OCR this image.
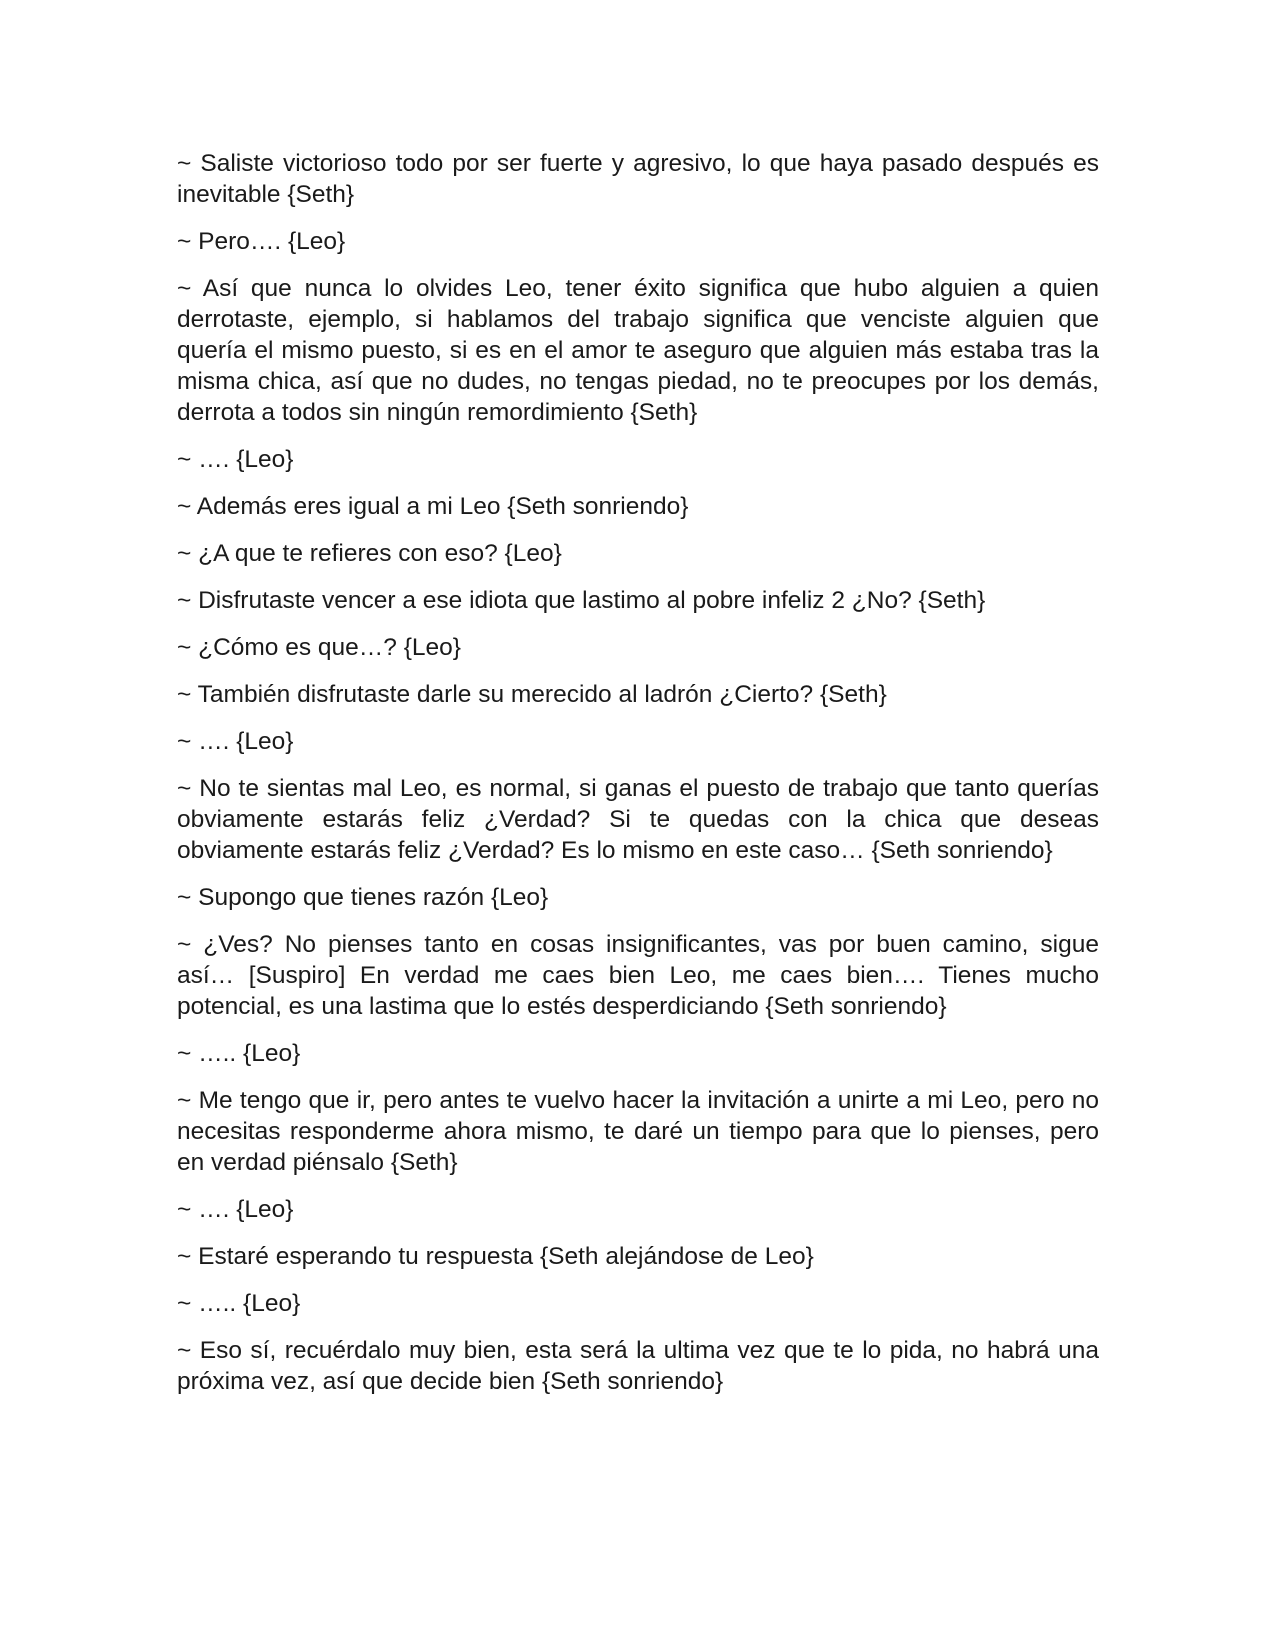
~ Saliste victorioso todo por ser fuerte y agresivo, lo que haya pasado después es inevitable {Seth}

~ Pero…. {Leo}

~ Así que nunca lo olvides Leo, tener éxito significa que hubo alguien a quien derrotaste, ejemplo, si hablamos del trabajo significa que venciste alguien que quería el mismo puesto, si es en el amor te aseguro que alguien más estaba tras la misma chica, así que no dudes, no tengas piedad, no te preocupes por los demás, derrota a todos sin ningún remordimiento {Seth}

~ …. {Leo}

~ Además eres igual a mi Leo {Seth sonriendo}

~ ¿A que te refieres con eso? {Leo}

~ Disfrutaste vencer a ese idiota que lastimo al pobre infeliz 2 ¿No? {Seth}

~ ¿Cómo es que…? {Leo}

~ También disfrutaste darle su merecido al ladrón ¿Cierto? {Seth}

~ …. {Leo}

~ No te sientas mal Leo, es normal, si ganas el puesto de trabajo que tanto querías obviamente estarás feliz ¿Verdad? Si te quedas con la chica que deseas obviamente estarás feliz ¿Verdad? Es lo mismo en este caso… {Seth sonriendo}

~ Supongo que tienes razón {Leo}

~ ¿Ves? No pienses tanto en cosas insignificantes, vas por buen camino, sigue así… [Suspiro] En verdad me caes bien Leo, me caes bien…. Tienes mucho potencial, es una lastima que lo estés desperdiciando {Seth sonriendo}

~ ….. {Leo}

~ Me tengo que ir, pero antes te vuelvo hacer la invitación a unirte a mi Leo, pero no necesitas responderme ahora mismo, te daré un tiempo para que lo pienses, pero en verdad piénsalo {Seth}

~ …. {Leo}

~ Estaré esperando tu respuesta {Seth alejándose de Leo}

~ ….. {Leo}

~ Eso sí, recuérdalo muy bien, esta será la ultima vez que te lo pida, no habrá una próxima vez, así que decide bien {Seth sonriendo}
